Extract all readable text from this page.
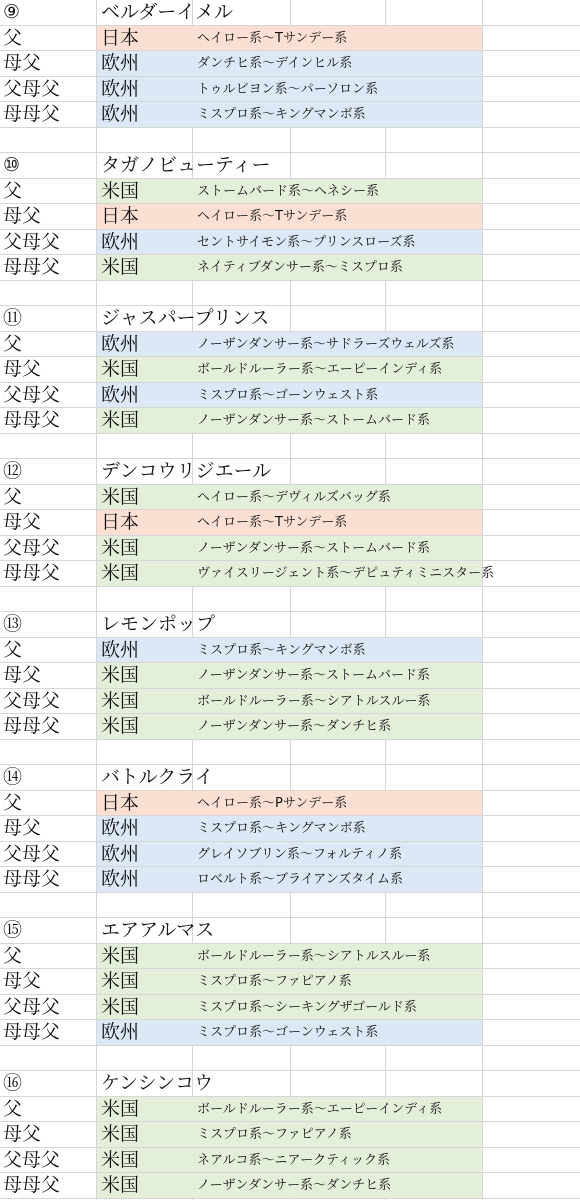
⑨	ベルダーイメル
父	日本	ヘイロー系～Tサンデー系
母父	欧州	ダンチヒ系～デインヒル系
父母父 欧州	トゥルビヨン系～パーソロン系
母母父 欧州	ミスプロ系～キングマンボ系
⑩	タガノビューティー
父	米国	ストームバード系～ヘネシー系
母父	日本	ヘイロー系～Tサンデー系
父母父 欧州	セントサイモン系～プリンスローズ系
母母父 米国	ネイティブダンサー系～ミスプロ系
⑪	ジャスパープリンス
父	欧州	ノーザンダンサー系～サドラーズウェルズ系
母父	米国	ボールドルーラー系～エーピーインディ系
父母父 欧州	ミスプロ系～ゴーンウェスト系
母母父 米国	ノーザンダンサー系～ストームバード系
⑫	デンコウリジエール
父	米国	ヘイロー系～デヴィルズバッグ系
母父	日本	ヘイロー系～Tサンデー系
父母父 米国	ノーザンダンサー系～ストームバード系
母母父 米国	ヴァイスリージェント系～デピュティミニスター系
⑬	レモンポップ
父	欧州	ミスプロ系～キングマンボ系
母父	米国	ノーザンダンサー系～ストームバード系
父母父 米国	ボールドルーラー系～シアトルスルー系
母母父 米国	ノーザンダンサー系～ダンチヒ系
⑭	バトルクライ
父	日本	ヘイロー系～Pサンデー系
母父	欧州	ミスプロ系～キングマンボ系
父母父 欧州	グレイソブリン系～フォルティノ系
母母父 欧州	ロベルト系～ブライアンズタイム系
⑮	エアアルマス
父	米国	ボールドルーラー系～シアトルスルー系
母父	米国	ミスプロ系～ファピアノ系
父母父 米国	ミスプロ系～シーキングザゴールド系
母母父 欧州	ミスプロ系～ゴーンウェスト系
⑯	ケンシンコウ
父	米国	ボールドルーラー系～エーピーインディ系
母父	米国	ミスプロ系～ファピアノ系
父母父 米国	ネアルコ系～ニアークティック系
母母父 米国	ノーザンダンサー系～ダンチヒ系
